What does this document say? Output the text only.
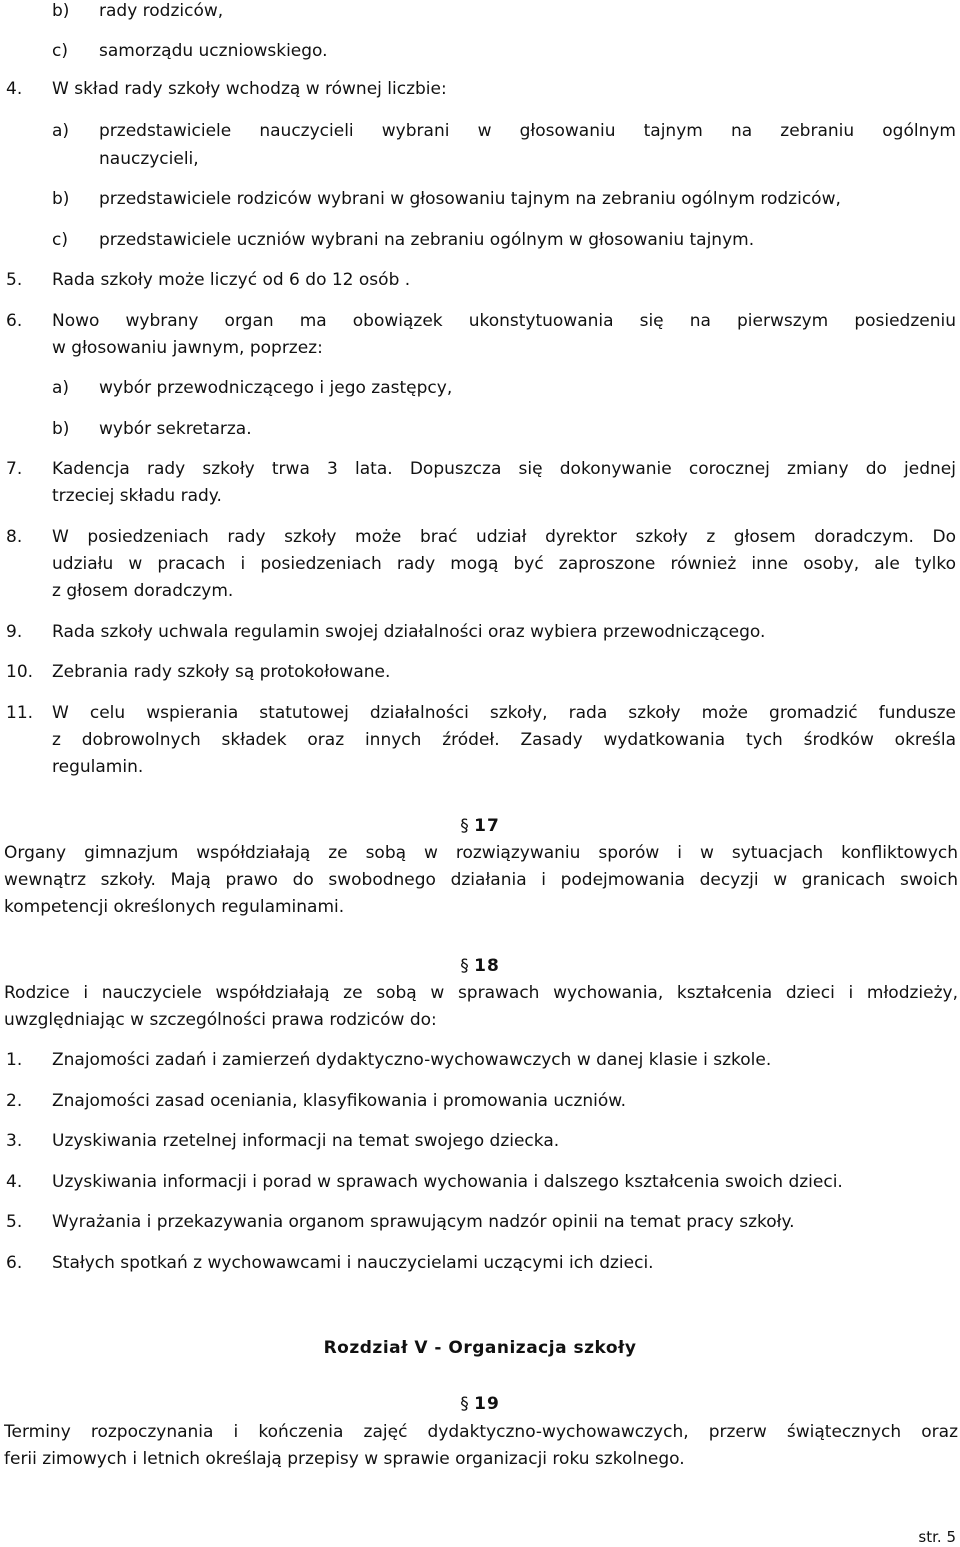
b) rady rodziców,
c) samorządu uczniowskiego.
4. W skład rady szkoły wchodzą w równej liczbie:
a) przedstawiciele nauczycieli wybrani w głosowaniu tajnym na zebraniu ogólnym
nauczycieli,
b) przedstawiciele rodziców wybrani w głosowaniu tajnym na zebraniu ogólnym rodziców,
c) przedstawiciele uczniów wybrani na zebraniu ogólnym w głosowaniu tajnym.
5. Rada szkoły może liczyć od 6 do 12 osób .
6. Nowo wybrany organ ma obowiązek ukonstytuowania się na pierwszym posiedzeniu
w głosowaniu jawnym, poprzez:
a) wybór przewodniczącego i jego zastępcy,
b) wybór sekretarza.
7. Kadencja rady szkoły trwa 3 lata. Dopuszcza się dokonywanie corocznej zmiany do jednej
trzeciej składu rady.
8. W posiedzeniach rady szkoły może brać udział dyrektor szkoły z głosem doradczym. Do
udziału w pracach i posiedzeniach rady mogą być zaproszone również inne osoby, ale tylko
z głosem doradczym.
9. Rada szkoły uchwala regulamin swojej działalności oraz wybiera przewodniczącego.
10. Zebrania rady szkoły są protokołowane.
11. W celu wspierania statutowej działalności szkoły, rada szkoły może gromadzić fundusze
z dobrowolnych składek oraz innych źródeł. Zasady wydatkowania tych środków określa
regulamin.
§ 17
Organy gimnazjum współdziałają ze sobą w rozwiązywaniu sporów i w sytuacjach konfliktowych
wewnątrz szkoły. Mają prawo do swobodnego działania i podejmowania decyzji w granicach swoich
kompetencji określonych regulaminami.
§ 18
Rodzice i nauczyciele współdziałają ze sobą w sprawach wychowania, kształcenia dzieci i młodzieży,
uwzględniając w szczególności prawa rodziców do:
1. Znajomości zadań i zamierzeń dydaktyczno-wychowawczych w danej klasie i szkole.
2. Znajomości zasad oceniania, klasyfikowania i promowania uczniów.
3. Uzyskiwania rzetelnej informacji na temat swojego dziecka.
4. Uzyskiwania informacji i porad w sprawach wychowania i dalszego kształcenia swoich dzieci.
5. Wyrażania i przekazywania organom sprawującym nadzór opinii na temat pracy szkoły.
6. Stałych spotkań z wychowawcami i nauczycielami uczącymi ich dzieci.
Rozdział V - Organizacja szkoły
§ 19
Terminy rozpoczynania i kończenia zajęć dydaktyczno-wychowawczych, przerw świątecznych oraz
ferii zimowych i letnich określają przepisy w sprawie organizacji roku szkolnego.
str. 5
